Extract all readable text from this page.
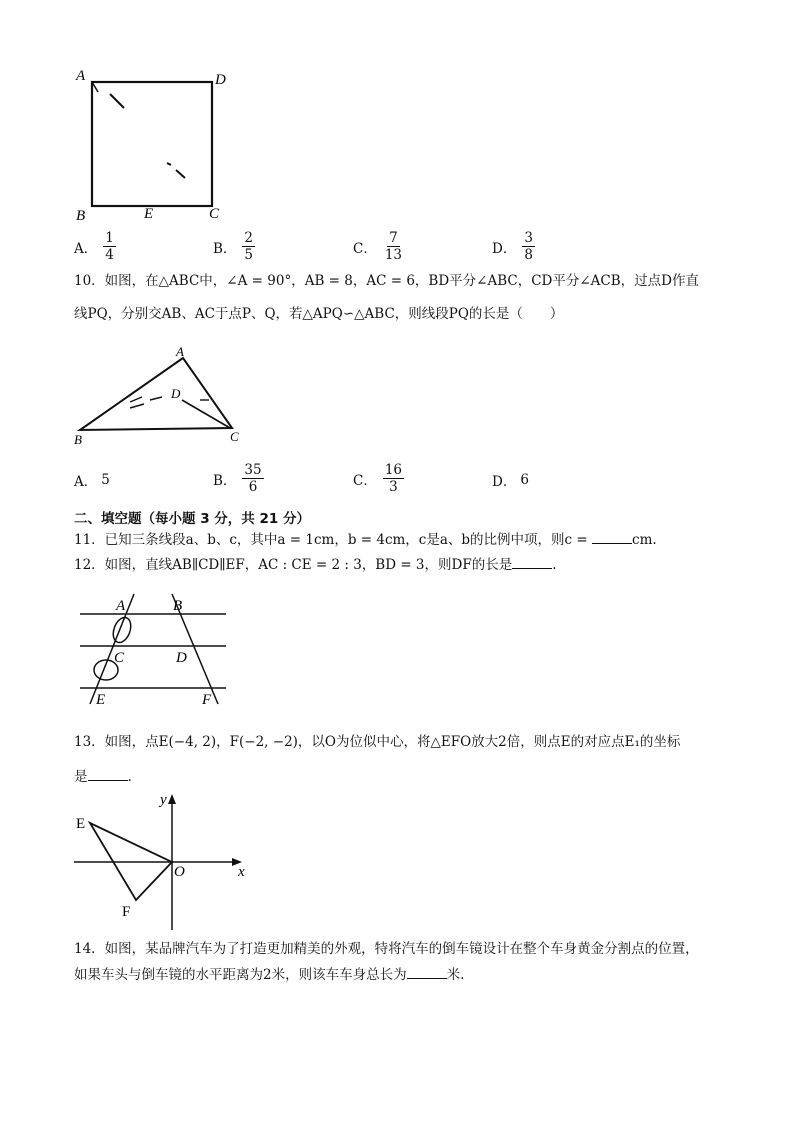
A	D
B	E	C
A． $\frac{1}{4}$	B． $\frac{2}{5}$	C． $\frac{7}{13}$	D． $\frac{3}{8}$
10．如图，在△ABC中，∠A = 90°，AB = 8，AC = 6，BD平分∠ABC，CD平分∠ACB，过点D作直
线PQ，分别交AB、AC于点P、Q，若△APQ∽△ABC，则线段PQ的长是（　　）
A
D
B	C
A． 5	B． $\frac{35}{6}$	C． $\frac{16}{3}$	D． 6
二、填空题（每小题 3 分，共 21 分）
11．已知三条线段a、b、c，其中a = 1cm，b = 4cm，c是a、b的比例中项，则c =	cm.
12．如图，直线AB∥CD∥EF，AC : CE = 2 : 3，BD = 3，则DF的长是	.
A	B
C	D
E	F
13．如图，点E(−4, 2)，F(−2, −2)，以O为位似中心，将△EFO放大2倍，则点E的对应点E₁的坐标
是	.
y
x
E
O
F
14．如图，某品牌汽车为了打造更加精美的外观，特将汽车的倒车镜设计在整个车身黄金分割点的位置，
如果车头与倒车镜的水平距离为2米，则该车车身总长为	米.
